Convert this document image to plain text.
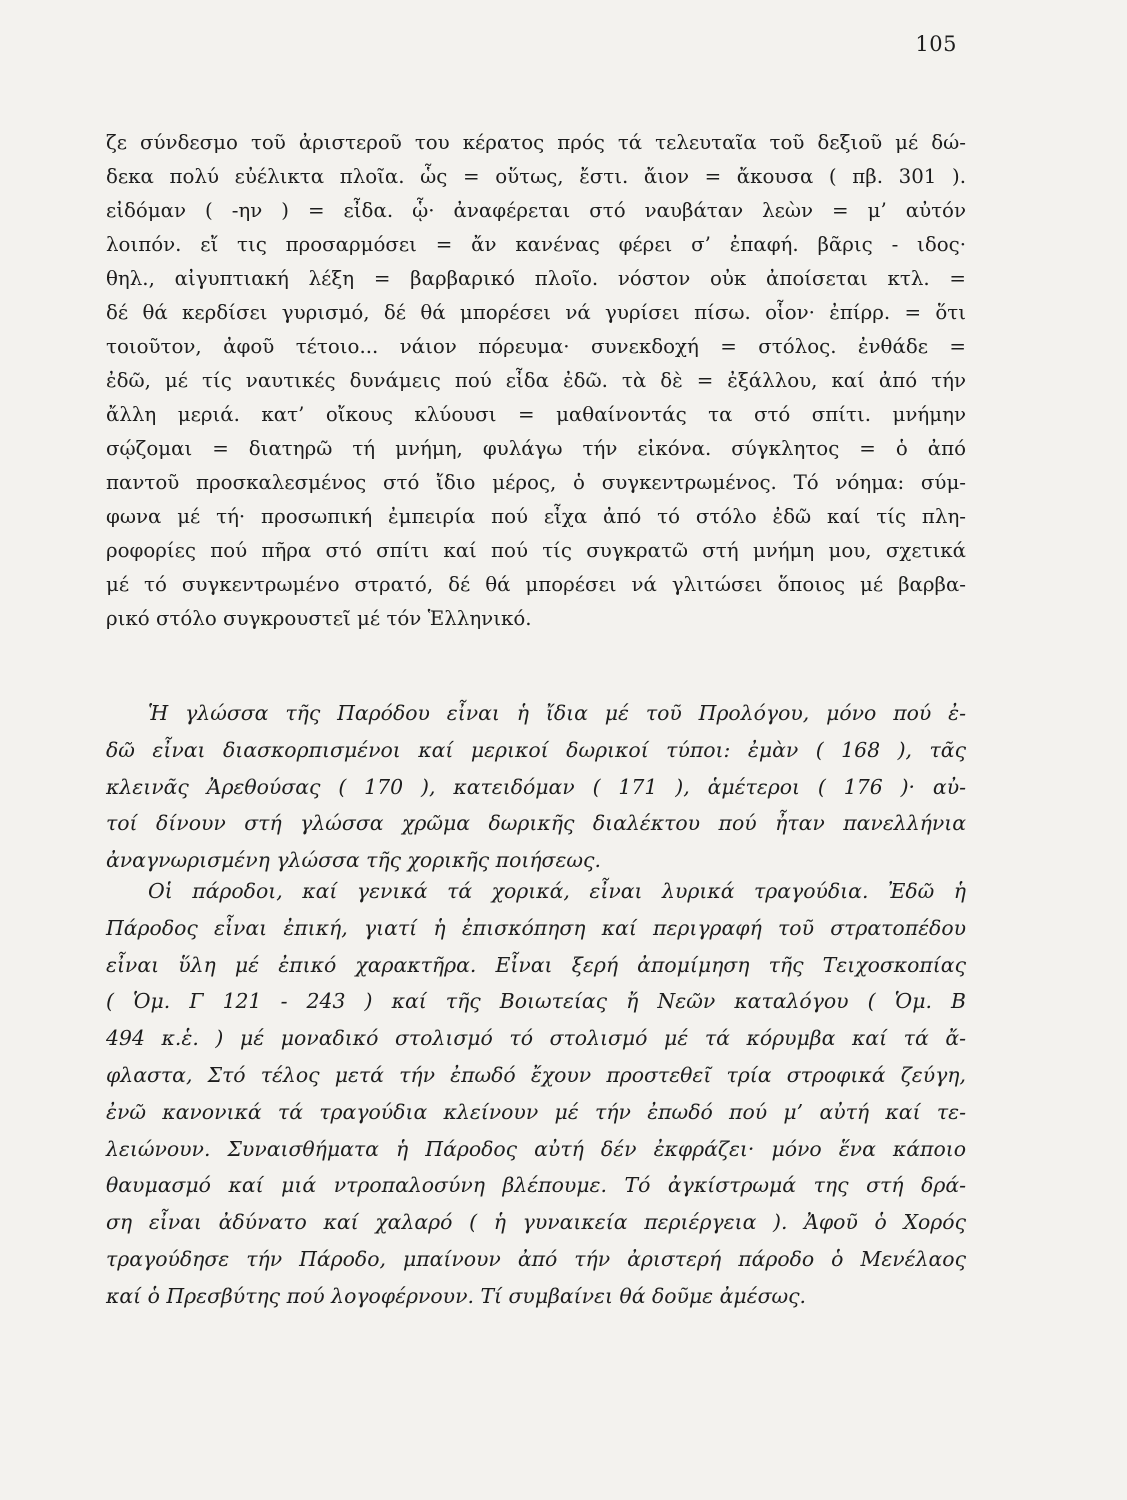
105
ζε σύνδεσμο τοῦ ἀριστεροῦ του κέρατος πρός τά τελευταῖα τοῦ δεξιοῦ μέ δώ-
δεκα πολύ εὐέλικτα πλοῖα. ὧς = οὕτως, ἔστι. ἄιον = ἄκουσα ( πβ. 301 ).
εἰδόμαν ( -ην ) = εἶδα. ᾧ· ἀναφέρεται στό ναυβάταν λεὼν = μ’ αὐτόν
λοιπόν. εἴ τις προσαρμόσει = ἄν κανένας φέρει σ’ ἐπαφή. βᾶρις - ιδος·
θηλ., αἰγυπτιακή λέξη = βαρβαρικό πλοῖο. νόστον οὐκ ἀποίσεται κτλ. =
δέ θά κερδίσει γυρισμό, δέ θά μπορέσει νά γυρίσει πίσω. οἷον· ἐπίρρ. = ὅτι
τοιοῦτον, ἀφοῦ τέτοιο... νάιον πόρευμα· συνεκδοχή = στόλος. ἐνθάδε =
ἐδῶ, μέ τίς ναυτικές δυνάμεις πού εἶδα ἐδῶ. τὰ δὲ = ἐξάλλου, καί ἀπό τήν
ἄλλη μεριά. κατ’ οἴκους κλύουσι = μαθαίνοντάς τα στό σπίτι. μνήμην
σῴζομαι = διατηρῶ τή μνήμη, φυλάγω τήν εἰκόνα. σύγκλητος = ὁ ἀπό
παντοῦ προσκαλεσμένος στό ἴδιο μέρος, ὁ συγκεντρωμένος. Τό νόημα: σύμ-
φωνα μέ τή· προσωπική ἐμπειρία πού εἶχα ἀπό τό στόλο ἐδῶ καί τίς πλη-
ροφορίες πού πῆρα στό σπίτι καί πού τίς συγκρατῶ στή μνήμη μου, σχετικά
μέ τό συγκεντρωμένο στρατό, δέ θά μπορέσει νά γλιτώσει ὅποιος μέ βαρβα-
ρικό στόλο συγκρουστεῖ μέ τόν Ἑλληνικό.
Ἡ γλώσσα τῆς Παρόδου εἶναι ἡ ἴδια μέ τοῦ Προλόγου, μόνο πού ἐ-
δῶ εἶναι διασκορπισμένοι καί μερικοί δωρικοί τύποι: ἐμὰν ( 168 ), τᾶς
κλεινᾶς Ἀρεθούσας ( 170 ), κατειδόμαν ( 171 ), ἁμέτεροι ( 176 )· αὐ-
τοί δίνουν στή γλώσσα χρῶμα δωρικῆς διαλέκτου πού ἦταν πανελλήνια
ἀναγνωρισμένη γλώσσα τῆς χορικῆς ποιήσεως.
Οἱ πάροδοι, καί γενικά τά χορικά, εἶναι λυρικά τραγούδια. Ἐδῶ ἡ
Πάροδος εἶναι ἐπική, γιατί ἡ ἐπισκόπηση καί περιγραφή τοῦ στρατοπέδου
εἶναι ὕλη μέ ἐπικό χαρακτῆρα. Εἶναι ξερή ἀπομίμηση τῆς Τειχοσκοπίας
( Ὁμ. Γ 121 - 243 ) καί τῆς Βοιωτείας ἤ Νεῶν καταλόγου ( Ὁμ. Β
494 κ.ἑ. ) μέ μοναδικό στολισμό τό στολισμό μέ τά κόρυμβα καί τά ἄ-
φλαστα, Στό τέλος μετά τήν ἐπωδό ἔχουν προστεθεῖ τρία στροφικά ζεύγη,
ἐνῶ κανονικά τά τραγούδια κλείνουν μέ τήν ἐπωδό πού μ’ αὐτή καί τε-
λειώνουν. Συναισθήματα ἡ Πάροδος αὐτή δέν ἐκφράζει· μόνο ἕνα κάποιο
θαυμασμό καί μιά ντροπαλοσύνη βλέπουμε. Τό ἀγκίστρωμά της στή δρά-
ση εἶναι ἀδύνατο καί χαλαρό ( ἡ γυναικεία περιέργεια ). Ἀφοῦ ὁ Χορός
τραγούδησε τήν Πάροδο, μπαίνουν ἀπό τήν ἀριστερή πάροδο ὁ Μενέλαος
καί ὁ Πρεσβύτης πού λογοφέρνουν. Τί συμβαίνει θά δοῦμε ἀμέσως.
